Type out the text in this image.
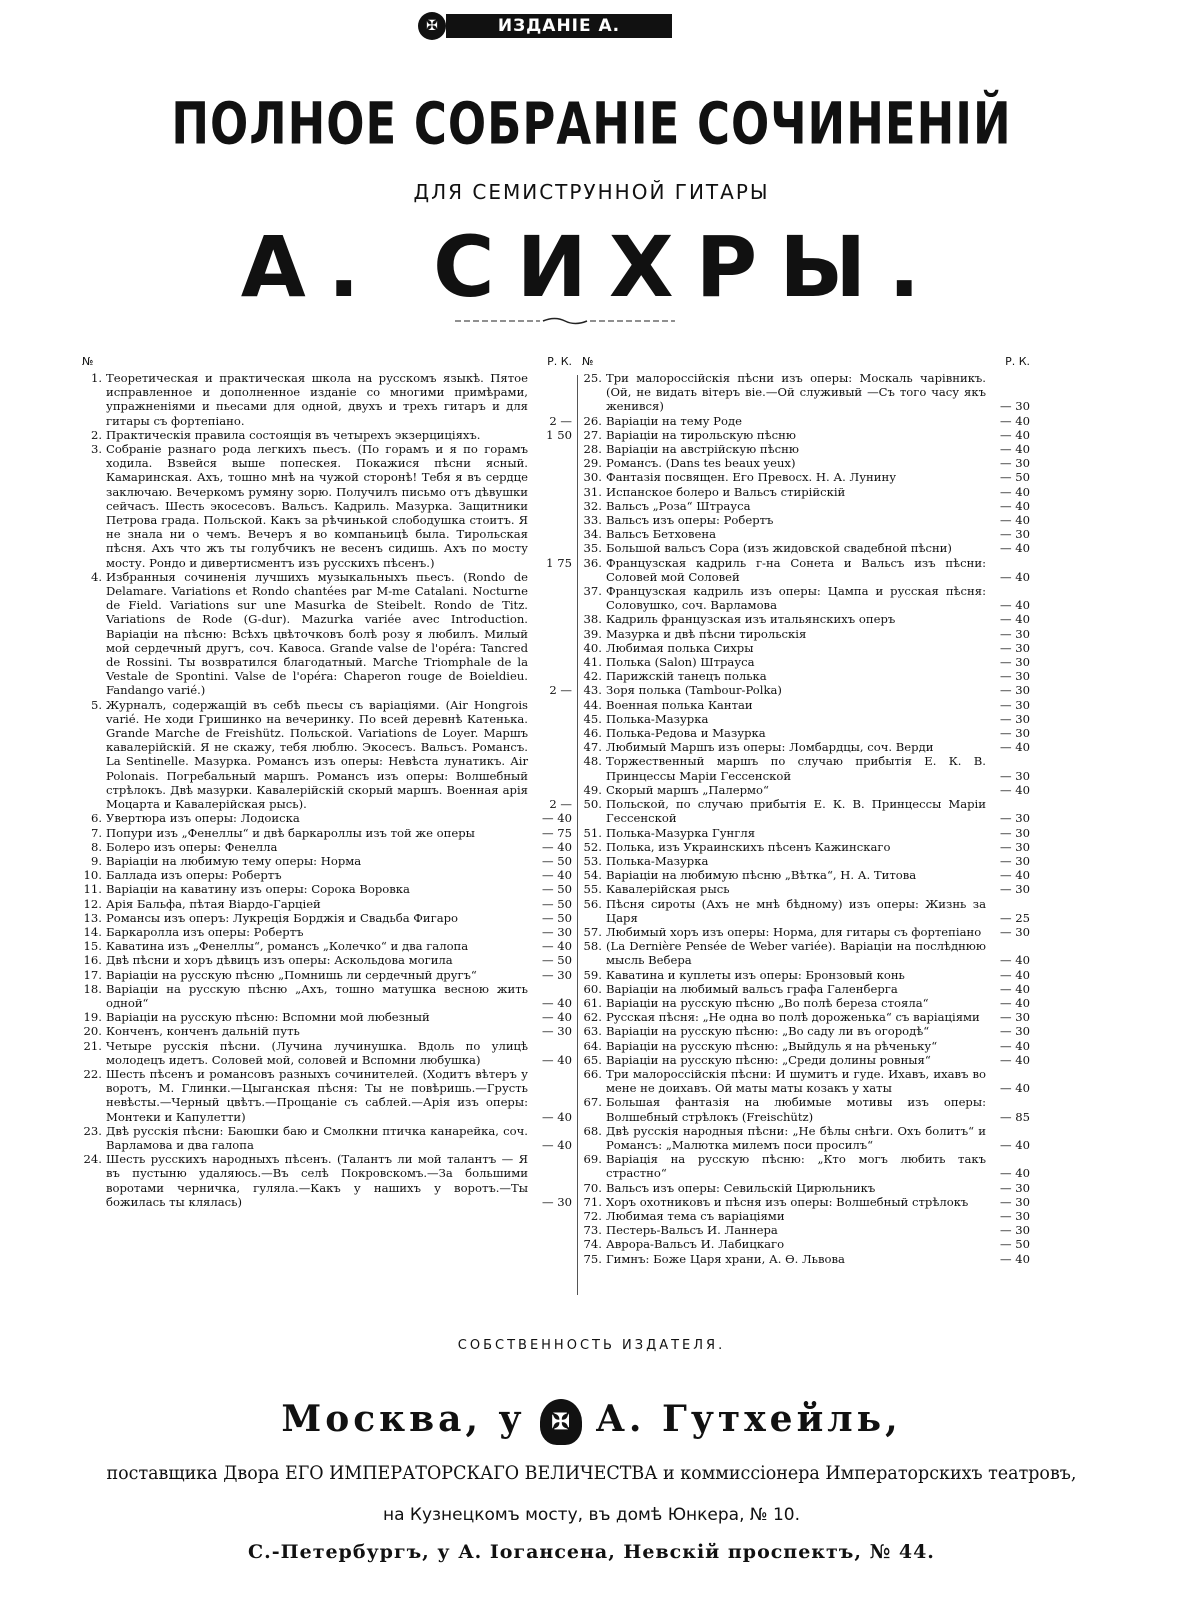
✠	ИЗДАНІЕ А. ГУТХЕЙЛЬ
ПОЛНОЕ СОБРАНІЕ СОЧИНЕНІЙ
ДЛЯ СЕМИСТРУННОЙ ГИТАРЫ
А. СИХРЫ.
№	Р. К.
1. Теоретическая и практическая школа на русскомъ языкѣ. Пятое исправленное и дополненное изданіе со многими примѣрами, упражненіями и пьесами для одной, двухъ и трехъ гитаръ и для гитары съ фортепіано.	2 —
2. Практическія правила состоящія въ четырехъ экзерциціяхъ.	1 50
3. Собраніе разнаго рода легкихъ пьесъ. (По горамъ и я по горамъ ходила. Взвейся выше попескея. Покажися пѣсни ясный. Камаринская. Ахъ, тошно мнѣ на чужой сторонѣ! Тебя я въ сердце заключаю. Вечеркомъ румяну зорю. Получилъ письмо отъ дѣвушки сейчасъ. Шесть экосесовъ. Вальсъ. Кадриль. Мазурка. Защитники Петрова града. Польской. Какъ за рѣчинькой слободушка стоитъ. Я не знала ни о чемъ. Вечеръ я во компаньицѣ была. Тирольская пѣсня. Ахъ что жъ ты голубчикъ не весенъ сидишь. Ахъ по мосту мосту. Рондо и дивертисментъ изъ русскихъ пѣсенъ.)	1 75
4. Избранныя сочиненія лучшихъ музыкальныхъ пьесъ. (Rondo de Delamare. Variations et Rondo chantées par M-me Catalani. Nocturne de Field. Variations sur une Masurka de Steibelt. Rondo de Titz. Variations de Rode (G-dur). Mazurka variée avec Introduction. Варіаціи на пѣсню: Всѣхъ цвѣточковъ болѣ розу я любилъ. Милый мой сердечный другъ, соч. Кавоса. Grande valse de l'opéra: Tancred de Rossini. Ты возвратился благодатный. Marche Triomphale de la Vestale de Spontini. Valse de l'opéra: Chaperon rouge de Boieldieu. Fandango varié.)	2 —
5. Журналъ, содержащій въ себѣ пьесы съ варіаціями. (Air Hongrois varié. Не ходи Гришинко на вечеринку. По всей деревнѣ Катенька. Grande Marche de Freishütz. Польской. Variations de Loyer. Маршъ кавалерійскій. Я не скажу, тебя люблю. Экосесъ. Вальсъ. Романсъ. La Sentinelle. Мазурка. Романсъ изъ оперы: Невѣста лунатикъ. Air Polonais. Погребальный маршъ. Романсъ изъ оперы: Волшебный стрѣлокъ. Двѣ мазурки. Кавалерійскій скорый маршъ. Военная арія Моцарта и Кавалерійская рысь).	2 —
6. Увертюра изъ оперы: Лодоиска	— 40
7. Попури изъ „Фенеллы“ и двѣ баркароллы изъ той же оперы	— 75
8. Болеро изъ оперы: Фенелла	— 40
9. Варіаціи на любимую тему оперы: Норма	— 50
10. Баллада изъ оперы: Робертъ	— 40
11. Варіаціи на каватину изъ оперы: Сорока Воровка	— 50
12. Арія Бальфа, пѣтая Віардо-Гарціей	— 50
13. Романсы изъ оперъ: Лукреція Борджія и Свадьба Фигаро	— 50
14. Баркаролла изъ оперы: Робертъ	— 30
15. Каватина изъ „Фенеллы“, романсъ „Колечко“ и два галопа	— 40
16. Двѣ пѣсни и хоръ дѣвицъ изъ оперы: Аскольдова могила	— 50
17. Варіаціи на русскую пѣсню „Помнишь ли сердечный другъ“	— 30
18. Варіаціи на русскую пѣсню „Ахъ, тошно матушка весною жить одной“	— 40
19. Варіаціи на русскую пѣсню: Вспомни мой любезный	— 40
20. Конченъ, конченъ дальній путь	— 30
21. Четыре русскія пѣсни. (Лучина лучинушка. Вдоль по улицѣ молодецъ идетъ. Соловей мой, соловей и Вспомни любушка)	— 40
22. Шесть пѣсенъ и романсовъ разныхъ сочинителей. (Ходитъ вѣтеръ у воротъ, М. Глинки.—Цыганская пѣсня: Ты не повѣришь.—Грусть невѣсты.—Черный цвѣтъ.—Прощаніе съ саблей.—Арія изъ оперы: Монтеки и Капулетти)	— 40
23. Двѣ русскія пѣсни: Баюшки баю и Смолкни птичка канарейка, соч. Варламова и два галопа	— 40
24. Шесть русскихъ народныхъ пѣсенъ. (Талантъ ли мой талантъ — Я въ пустыню удаляюсь.—Въ селѣ Покровскомъ.—За большими воротами черничка, гуляла.—Какъ у нашихъ у воротъ.—Ты божилась ты клялась)	— 30
№	Р. К.
25. Три малороссійскія пѣсни изъ оперы: Москаль чарівникъ. (Ой, не видать вітеръ віе.—Ой служивый —Съ того часу якъ женився)	— 30
26. Варіаціи на тему Роде	— 40
27. Варіаціи на тирольскую пѣсню	— 40
28. Варіаціи на австрійскую пѣсню	— 40
29. Романсъ. (Dans tes beaux yeux)	— 30
30. Фантазія посвящен. Его Превосх. Н. А. Лунину	— 50
31. Испанское болеро и Вальсъ стирійскій	— 40
32. Вальсъ „Роза“ Штрауса	— 40
33. Вальсъ изъ оперы: Робертъ	— 40
34. Вальсъ Бетховена	— 30
35. Большой вальсъ Сора (изъ жидовской свадебной пѣсни)	— 40
36. Французская кадриль г-на Сонета и Вальсъ изъ пѣсни: Соловей мой Соловей	— 40
37. Французская кадриль изъ оперы: Цампа и русская пѣсня: Соловушко, соч. Варламова	— 40
38. Кадриль французская изъ итальянскихъ оперъ	— 40
39. Мазурка и двѣ пѣсни тирольскія	— 30
40. Любимая полька Сихры	— 30
41. Полька (Salon) Штрауса	— 30
42. Парижскій танецъ полька	— 30
43. Зоря полька (Tambour-Polka)	— 30
44. Военная полька Кантаи	— 30
45. Полька-Мазурка	— 30
46. Полька-Редова и Мазурка	— 30
47. Любимый Маршъ изъ оперы: Ломбардцы, соч. Верди	— 40
48. Торжественный маршъ по случаю прибытія Е. К. В. Принцессы Маріи Гессенской	— 30
49. Скорый маршъ „Палермо“	— 40
50. Польской, по случаю прибытія Е. К. В. Принцессы Маріи Гессенской	— 30
51. Полька-Мазурка Гунгля	— 30
52. Полька, изъ Украинскихъ пѣсенъ Кажинскаго	— 30
53. Полька-Мазурка	— 30
54. Варіаціи на любимую пѣсню „Вѣтка“, Н. А. Титова	— 40
55. Кавалерійская рысь	— 30
56. Пѣсня сироты (Ахъ не мнѣ бѣдному) изъ оперы: Жизнь за Царя	— 25
57. Любимый хоръ изъ оперы: Норма, для гитары съ фортепіано	— 30
58. (La Dernière Pensée de Weber variée). Варіаціи на послѣднюю мысль Вебера	— 40
59. Каватина и куплеты изъ оперы: Бронзовый конь	— 40
60. Варіаціи на любимый вальсъ графа Галенберга	— 40
61. Варіаціи на русскую пѣсню „Во полѣ береза стояла“	— 40
62. Русская пѣсня: „Не одна во полѣ дороженька“ съ варіаціями	— 30
63. Варіаціи на русскую пѣсню: „Во саду ли въ огородѣ“	— 30
64. Варіаціи на русскую пѣсню: „Выйдуль я на рѣченьку“	— 40
65. Варіаціи на русскую пѣсню: „Среди долины ровныя“	— 40
66. Три малороссійскія пѣсни: И шумитъ и гуде. Ихавъ, ихавъ во мене не доихавъ. Ой маты маты козакъ у хаты	— 40
67. Большая фантазія на любимые мотивы изъ оперы: Волшебный стрѣлокъ (Freischütz)	— 85
68. Двѣ русскія народныя пѣсни: „Не бѣлы снѣги. Охъ болитъ“ и Романсъ: „Малютка милемъ поси просилъ“	— 40
69. Варіація на русскую пѣсню: „Кто могъ любить такъ страстно“	— 40
70. Вальсъ изъ оперы: Севильскій Цирюльникъ	— 30
71. Хоръ охотниковъ и пѣсня изъ оперы: Волшебный стрѣлокъ	— 30
72. Любимая тема съ варіаціями	— 30
73. Пестерь-Вальсъ И. Ланнера	— 30
74. Аврора-Вальсъ И. Лабицкаго	— 50
75. Гимнъ: Боже Царя храни, А. Ѳ. Львова	— 40
СОБСТВЕННОСТЬ ИЗДАТЕЛЯ.
Москва, у ✠ А. Гутхейль,
поставщика Двора ЕГО ИМПЕРАТОРСКАГО ВЕЛИЧЕСТВА и коммиссіонера Императорскихъ театровъ,
на Кузнецкомъ мосту, въ домѣ Юнкера, № 10.
С.-Петербургъ, у А. Іогансена, Невскій проспектъ, № 44.
